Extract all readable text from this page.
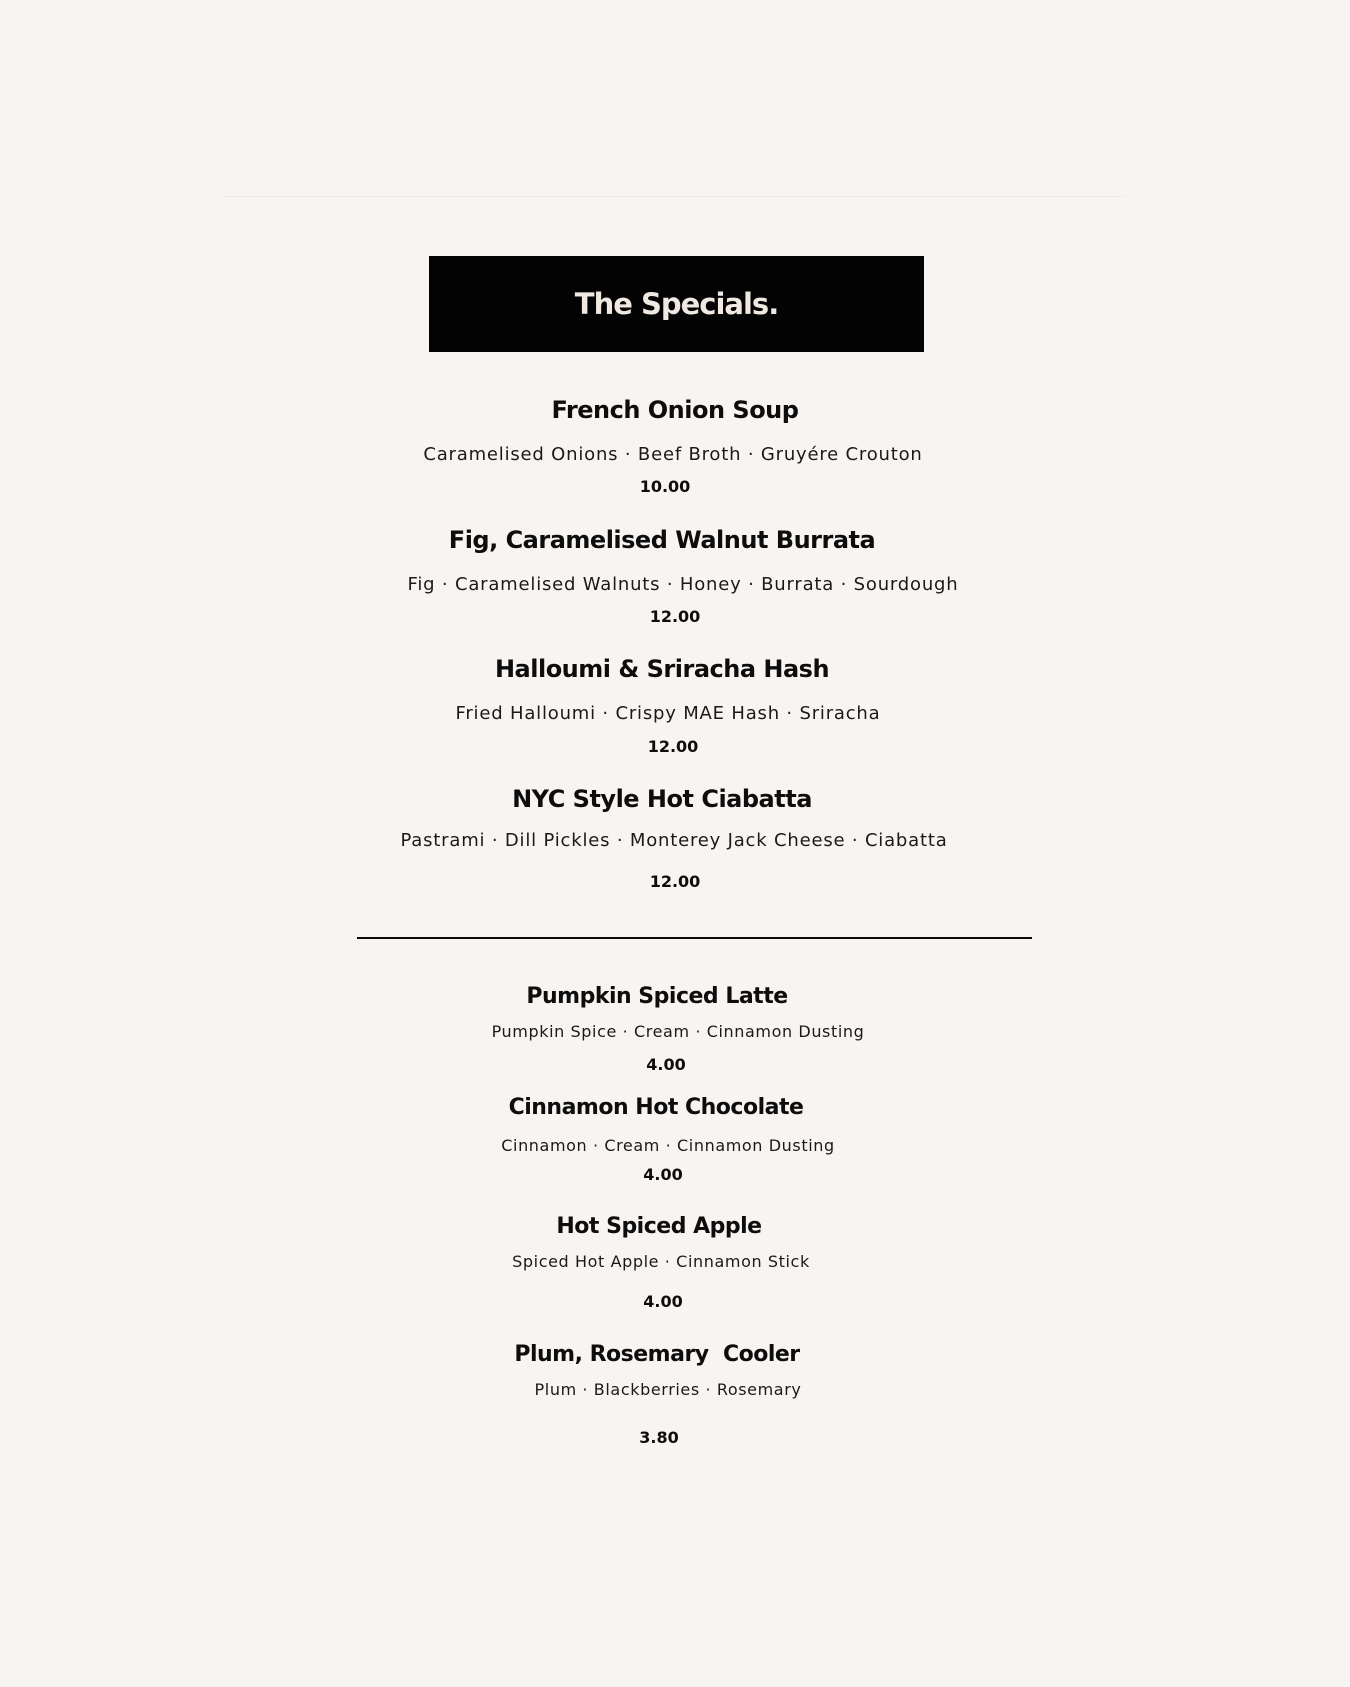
The Specials.
French Onion Soup
Caramelised Onions · Beef Broth · Gruyére Crouton
10.00
Fig, Caramelised Walnut Burrata
Fig · Caramelised Walnuts · Honey · Burrata · Sourdough
12.00
Halloumi & Sriracha Hash
Fried Halloumi · Crispy MAE Hash · Sriracha
12.00
NYC Style Hot Ciabatta
Pastrami · Dill Pickles · Monterey Jack Cheese · Ciabatta
12.00
Pumpkin Spiced Latte
Pumpkin Spice · Cream · Cinnamon Dusting
4.00
Cinnamon Hot Chocolate
Cinnamon · Cream · Cinnamon Dusting
4.00
Hot Spiced Apple
Spiced Hot Apple · Cinnamon Stick
4.00
Plum, Rosemary  Cooler
Plum · Blackberries · Rosemary
3.80
